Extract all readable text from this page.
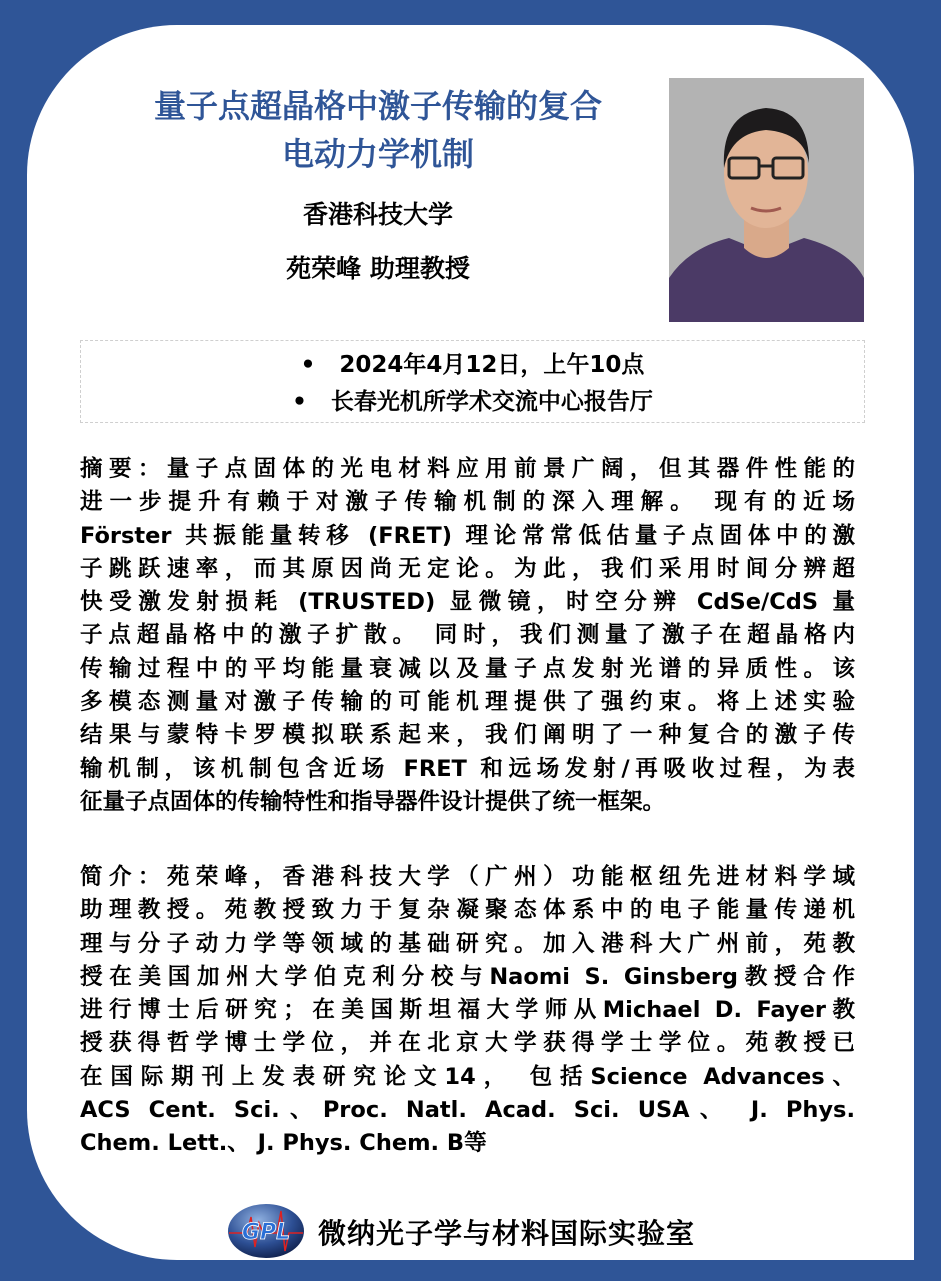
量子点超晶格中激子传输的复合
电动力学机制
香港科技大学
苑荣峰 助理教授
• 2024年4月12日，上午10点
• 长春光机所学术交流中心报告厅
摘要：量子点固体的光电材料应用前景广阔，但其器件性能的
进一步提升有赖于对激子传输机制的深入理解。 现有的近场
Förster 共振能量转移 (FRET) 理论常常低估量子点固体中的激
子跳跃速率，而其原因尚无定论。为此，我们采用时间分辨超
快受激发射损耗 (TRUSTED) 显微镜，时空分辨 CdSe/CdS 量
子点超晶格中的激子扩散。 同时，我们测量了激子在超晶格内
传输过程中的平均能量衰减以及量子点发射光谱的异质性。该
多模态测量对激子传输的可能机理提供了强约束。将上述实验
结果与蒙特卡罗模拟联系起来，我们阐明了一种复合的激子传
输机制，该机制包含近场 FRET 和远场发射/再吸收过程，为表
征量子点固体的传输特性和指导器件设计提供了统一框架。
简介：苑荣峰，香港科技大学（广州）功能枢纽先进材料学域
助理教授。苑教授致力于复杂凝聚态体系中的电子能量传递机
理与分子动力学等领域的基础研究。加入港科大广州前，苑教
授在美国加州大学伯克利分校与Naomi S. Ginsberg教授合作
进行博士后研究；在美国斯坦福大学师从Michael D. Fayer教
授获得哲学博士学位，并在北京大学获得学士学位。苑教授已
在国际期刊上发表研究论文14， 包括Science Advances、
ACS Cent. Sci.、Proc. Natl. Acad. Sci. USA、 J. Phys.
Chem. Lett.、 J. Phys. Chem. B等
GPL 微纳光子学与材料国际实验室
